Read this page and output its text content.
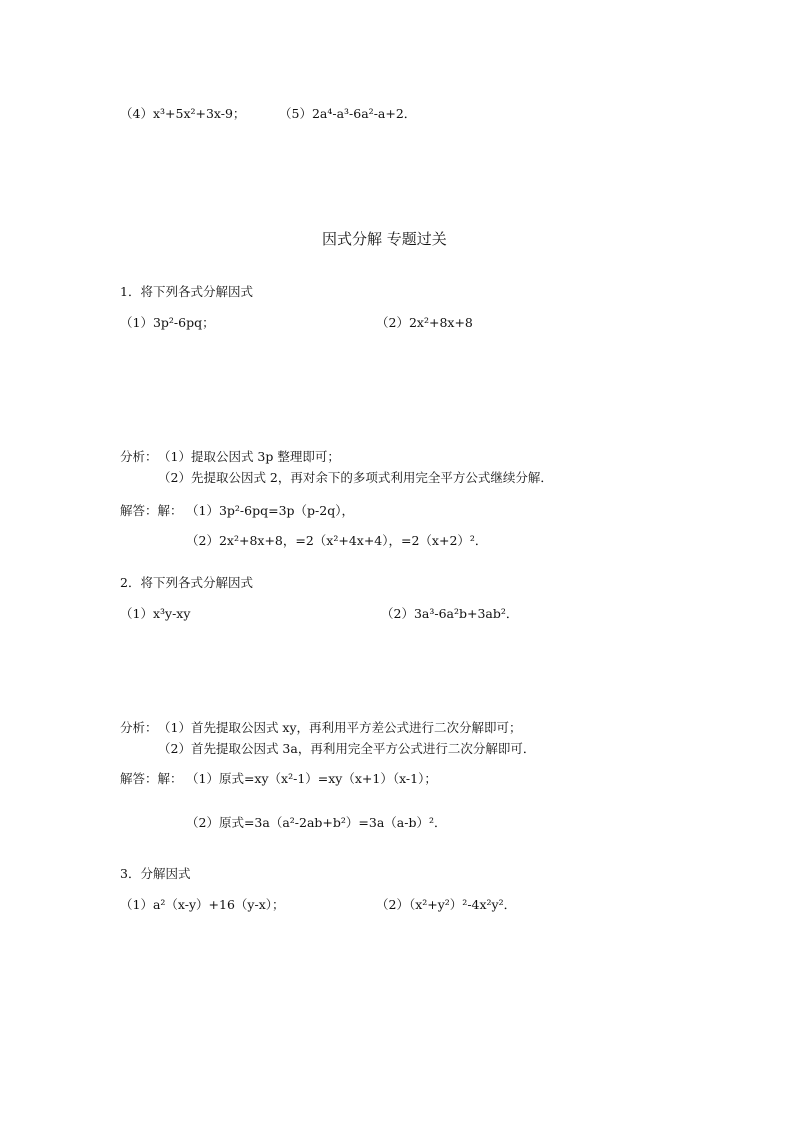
（4）x³+5x²+3x-9；	（5）2a⁴-a³-6a²-a+2．
因式分解 专题过关
1．将下列各式分解因式
（1）3p²-6pq；	（2）2x²+8x+8
分析： （1）提取公因式 3p 整理即可；
（2）先提取公因式 2，再对余下的多项式利用完全平方公式继续分解．
解答：解： （1）3p²-6pq=3p（p-2q），
（2）2x²+8x+8，=2（x²+4x+4），=2（x+2）²．
2．将下列各式分解因式
（1）x³y-xy	（2）3a³-6a²b+3ab²．
分析： （1）首先提取公因式 xy，再利用平方差公式进行二次分解即可；
（2）首先提取公因式 3a，再利用完全平方公式进行二次分解即可．
解答：解： （1）原式=xy（x²-1）=xy（x+1）（x-1）；
（2）原式=3a（a²-2ab+b²）=3a（a-b）²．
3．分解因式
（1）a²（x-y）+16（y-x）；	（2）（x²+y²）²-4x²y²．
